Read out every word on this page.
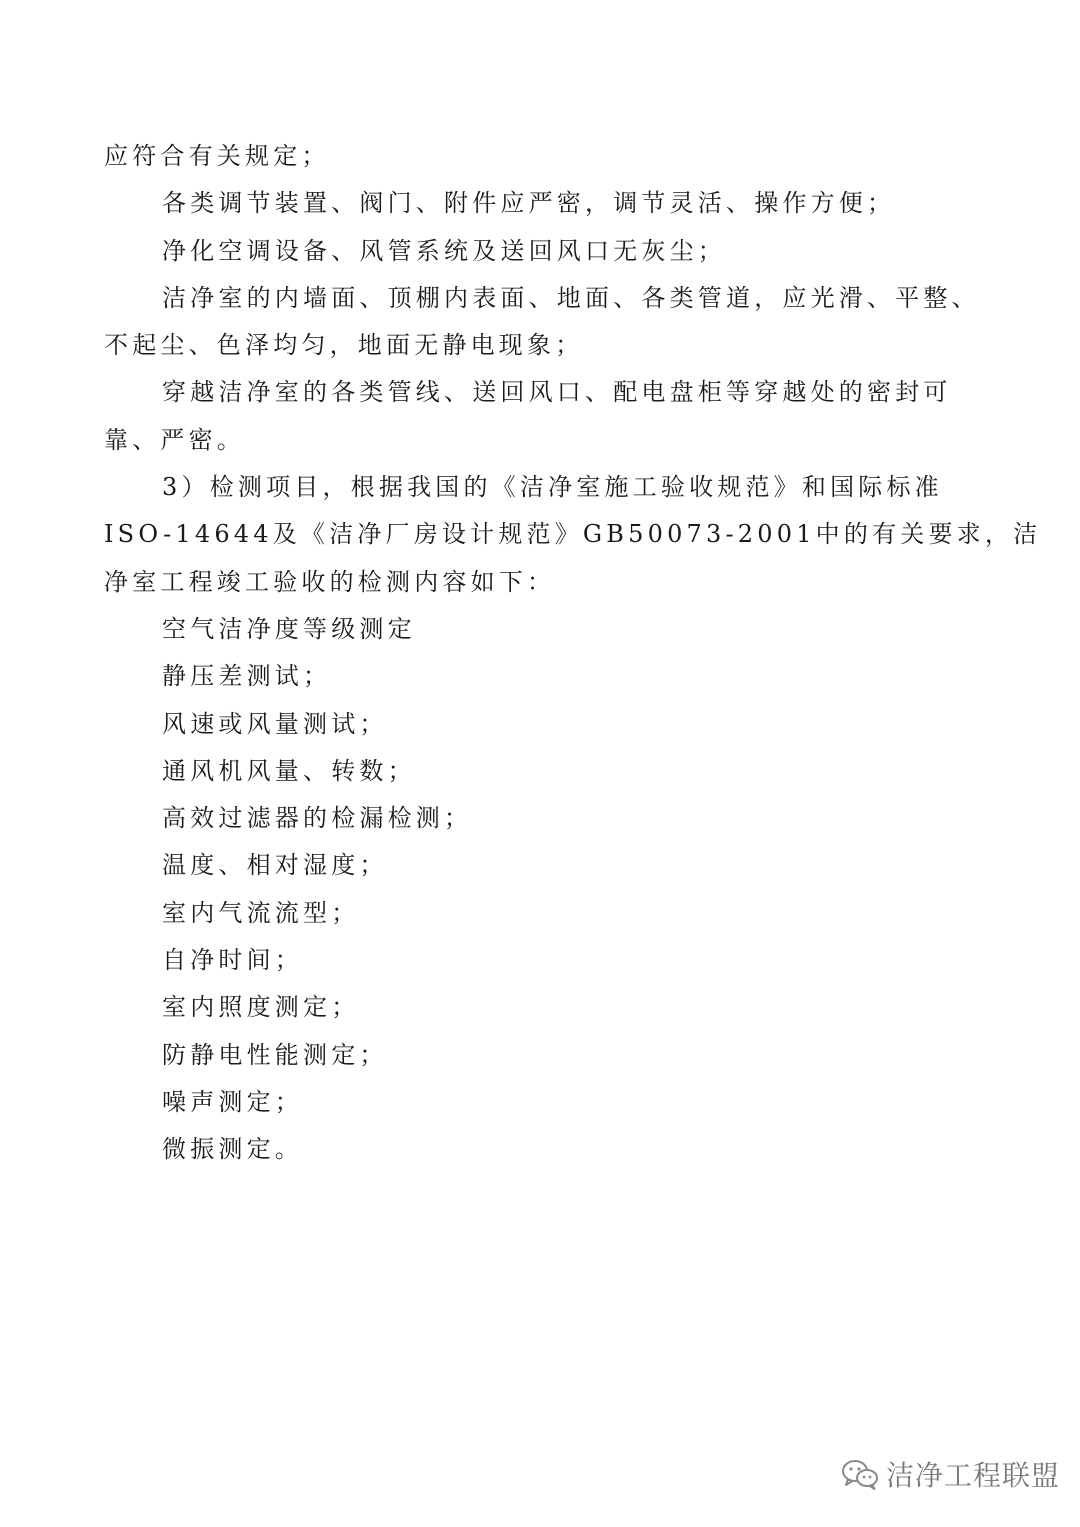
应符合有关规定；
各类调节装置、阀门、附件应严密，调节灵活、操作方便；
净化空调设备、风管系统及送回风口无灰尘；
洁净室的内墙面、顶棚内表面、地面、各类管道，应光滑、平整、
不起尘、色泽均匀，地面无静电现象；
穿越洁净室的各类管线、送回风口、配电盘柜等穿越处的密封可
靠、严密。
3）检测项目，根据我国的《洁净室施工验收规范》和国际标准
ISO-14644及《洁净厂房设计规范》GB50073-2001中的有关要求，洁
净室工程竣工验收的检测内容如下：
空气洁净度等级测定
静压差测试；
风速或风量测试；
通风机风量、转数；
高效过滤器的检漏检测；
温度、相对湿度；
室内气流流型；
自净时间；
室内照度测定；
防静电性能测定；
噪声测定；
微振测定。
洁净工程联盟
